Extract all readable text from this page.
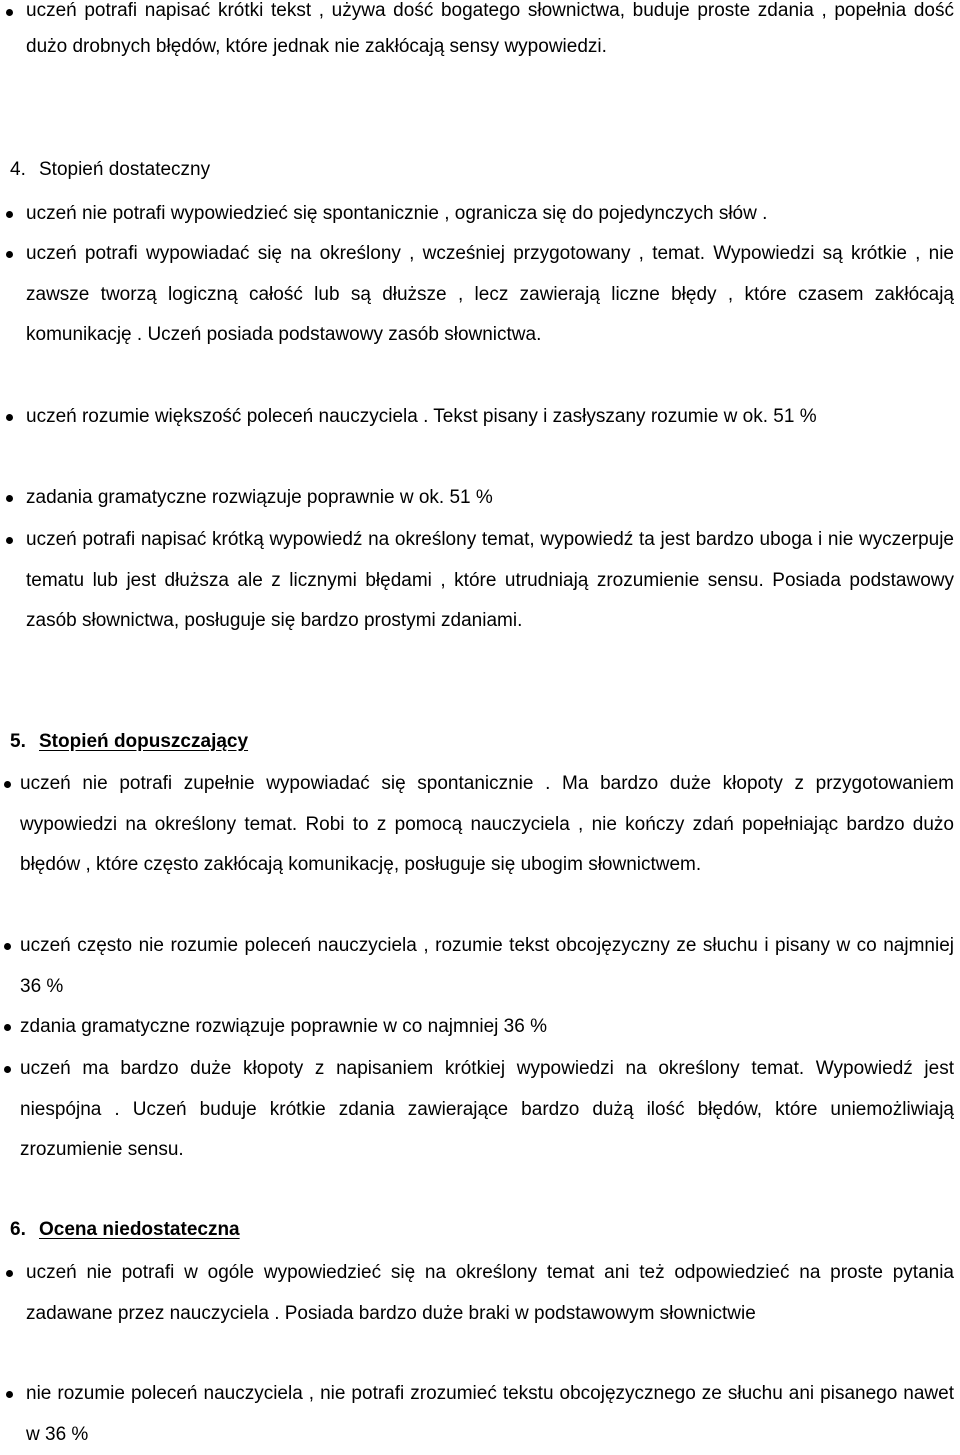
uczeń potrafi napisać krótki tekst , używa dość bogatego słownictwa, buduje proste zdania , popełnia dość dużo drobnych błędów, które jednak nie zakłócają sensy wypowiedzi.
4. Stopień dostateczny
uczeń nie potrafi wypowiedzieć się spontanicznie , ogranicza się do pojedynczych słów .
uczeń potrafi wypowiadać się na określony , wcześniej przygotowany , temat. Wypowiedzi są krótkie , nie zawsze tworzą logiczną całość lub są dłuższe , lecz zawierają liczne błędy , które czasem zakłócają komunikację . Uczeń posiada podstawowy zasób słownictwa.
uczeń rozumie większość poleceń nauczyciela . Tekst pisany i zasłyszany rozumie w ok. 51 %
zadania gramatyczne rozwiązuje poprawnie w ok. 51 %
uczeń potrafi napisać krótką wypowiedź na określony temat, wypowiedź ta jest bardzo uboga i nie wyczerpuje tematu lub jest dłuższa ale z licznymi błędami , które utrudniają zrozumienie sensu. Posiada podstawowy zasób słownictwa, posługuje się bardzo prostymi zdaniami.
5. Stopień dopuszczający
uczeń nie potrafi zupełnie wypowiadać się spontanicznie . Ma bardzo duże kłopoty z przygotowaniem wypowiedzi na określony temat. Robi to z pomocą nauczyciela , nie kończy zdań popełniając bardzo dużo błędów , które często zakłócają komunikację, posługuje się ubogim słownictwem.
uczeń często nie rozumie poleceń nauczyciela , rozumie tekst obcojęzyczny ze słuchu i pisany w co najmniej 36 %
zdania gramatyczne rozwiązuje poprawnie w co najmniej 36 %
uczeń ma bardzo duże kłopoty z napisaniem krótkiej wypowiedzi na określony temat. Wypowiedź jest niespójna . Uczeń buduje krótkie zdania zawierające bardzo dużą ilość błędów, które uniemożliwiają zrozumienie sensu.
6. Ocena niedostateczna
uczeń nie potrafi w ogóle wypowiedzieć się na określony temat ani też odpowiedzieć na proste pytania zadawane przez nauczyciela . Posiada bardzo duże braki w podstawowym słownictwie
nie rozumie poleceń nauczyciela , nie potrafi zrozumieć tekstu obcojęzycznego ze słuchu ani pisanego nawet w 36 %
